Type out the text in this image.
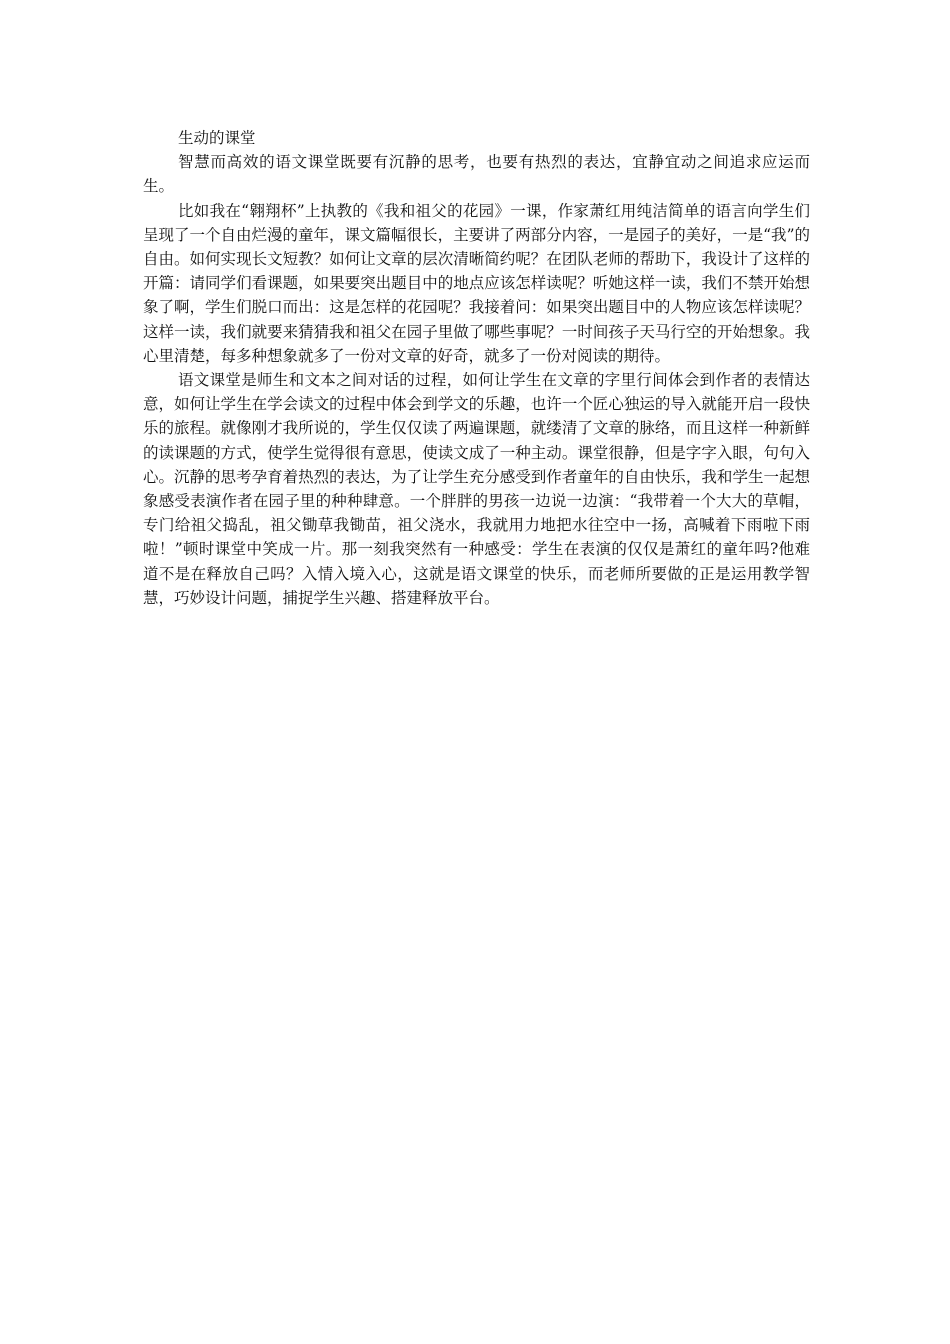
生动的课堂

智慧而高效的语文课堂既要有沉静的思考，也要有热烈的表达，宜静宜动之间追求应运而生。

比如我在“翱翔杯”上执教的《我和祖父的花园》一课，作家萧红用纯洁简单的语言向学生们呈现了一个自由烂漫的童年，课文篇幅很长，主要讲了两部分内容，一是园子的美好，一是“我”的自由。如何实现长文短教？如何让文章的层次清晰简约呢？在团队老师的帮助下，我设计了这样的开篇：请同学们看课题，如果要突出题目中的地点应该怎样读呢？听她这样一读，我们不禁开始想象了啊，学生们脱口而出：这是怎样的花园呢？我接着问：如果突出题目中的人物应该怎样读呢？这样一读，我们就要来猜猜我和祖父在园子里做了哪些事呢？一时间孩子天马行空的开始想象。我心里清楚，每多种想象就多了一份对文章的好奇，就多了一份对阅读的期待。

语文课堂是师生和文本之间对话的过程，如何让学生在文章的字里行间体会到作者的表情达意，如何让学生在学会读文的过程中体会到学文的乐趣，也许一个匠心独运的导入就能开启一段快乐的旅程。就像刚才我所说的，学生仅仅读了两遍课题，就缕清了文章的脉络，而且这样一种新鲜的读课题的方式，使学生觉得很有意思，使读文成了一种主动。课堂很静，但是字字入眼，句句入心。沉静的思考孕育着热烈的表达，为了让学生充分感受到作者童年的自由快乐，我和学生一起想象感受表演作者在园子里的种种肆意。一个胖胖的男孩一边说一边演：“我带着一个大大的草帽，专门给祖父捣乱，祖父锄草我锄苗，祖父浇水，我就用力地把水往空中一扬，高喊着下雨啦下雨啦！”顿时课堂中笑成一片。那一刻我突然有一种感受：学生在表演的仅仅是萧红的童年吗?他难道不是在释放自己吗？入情入境入心，这就是语文课堂的快乐，而老师所要做的正是运用教学智慧，巧妙设计问题，捕捉学生兴趣、搭建释放平台。
